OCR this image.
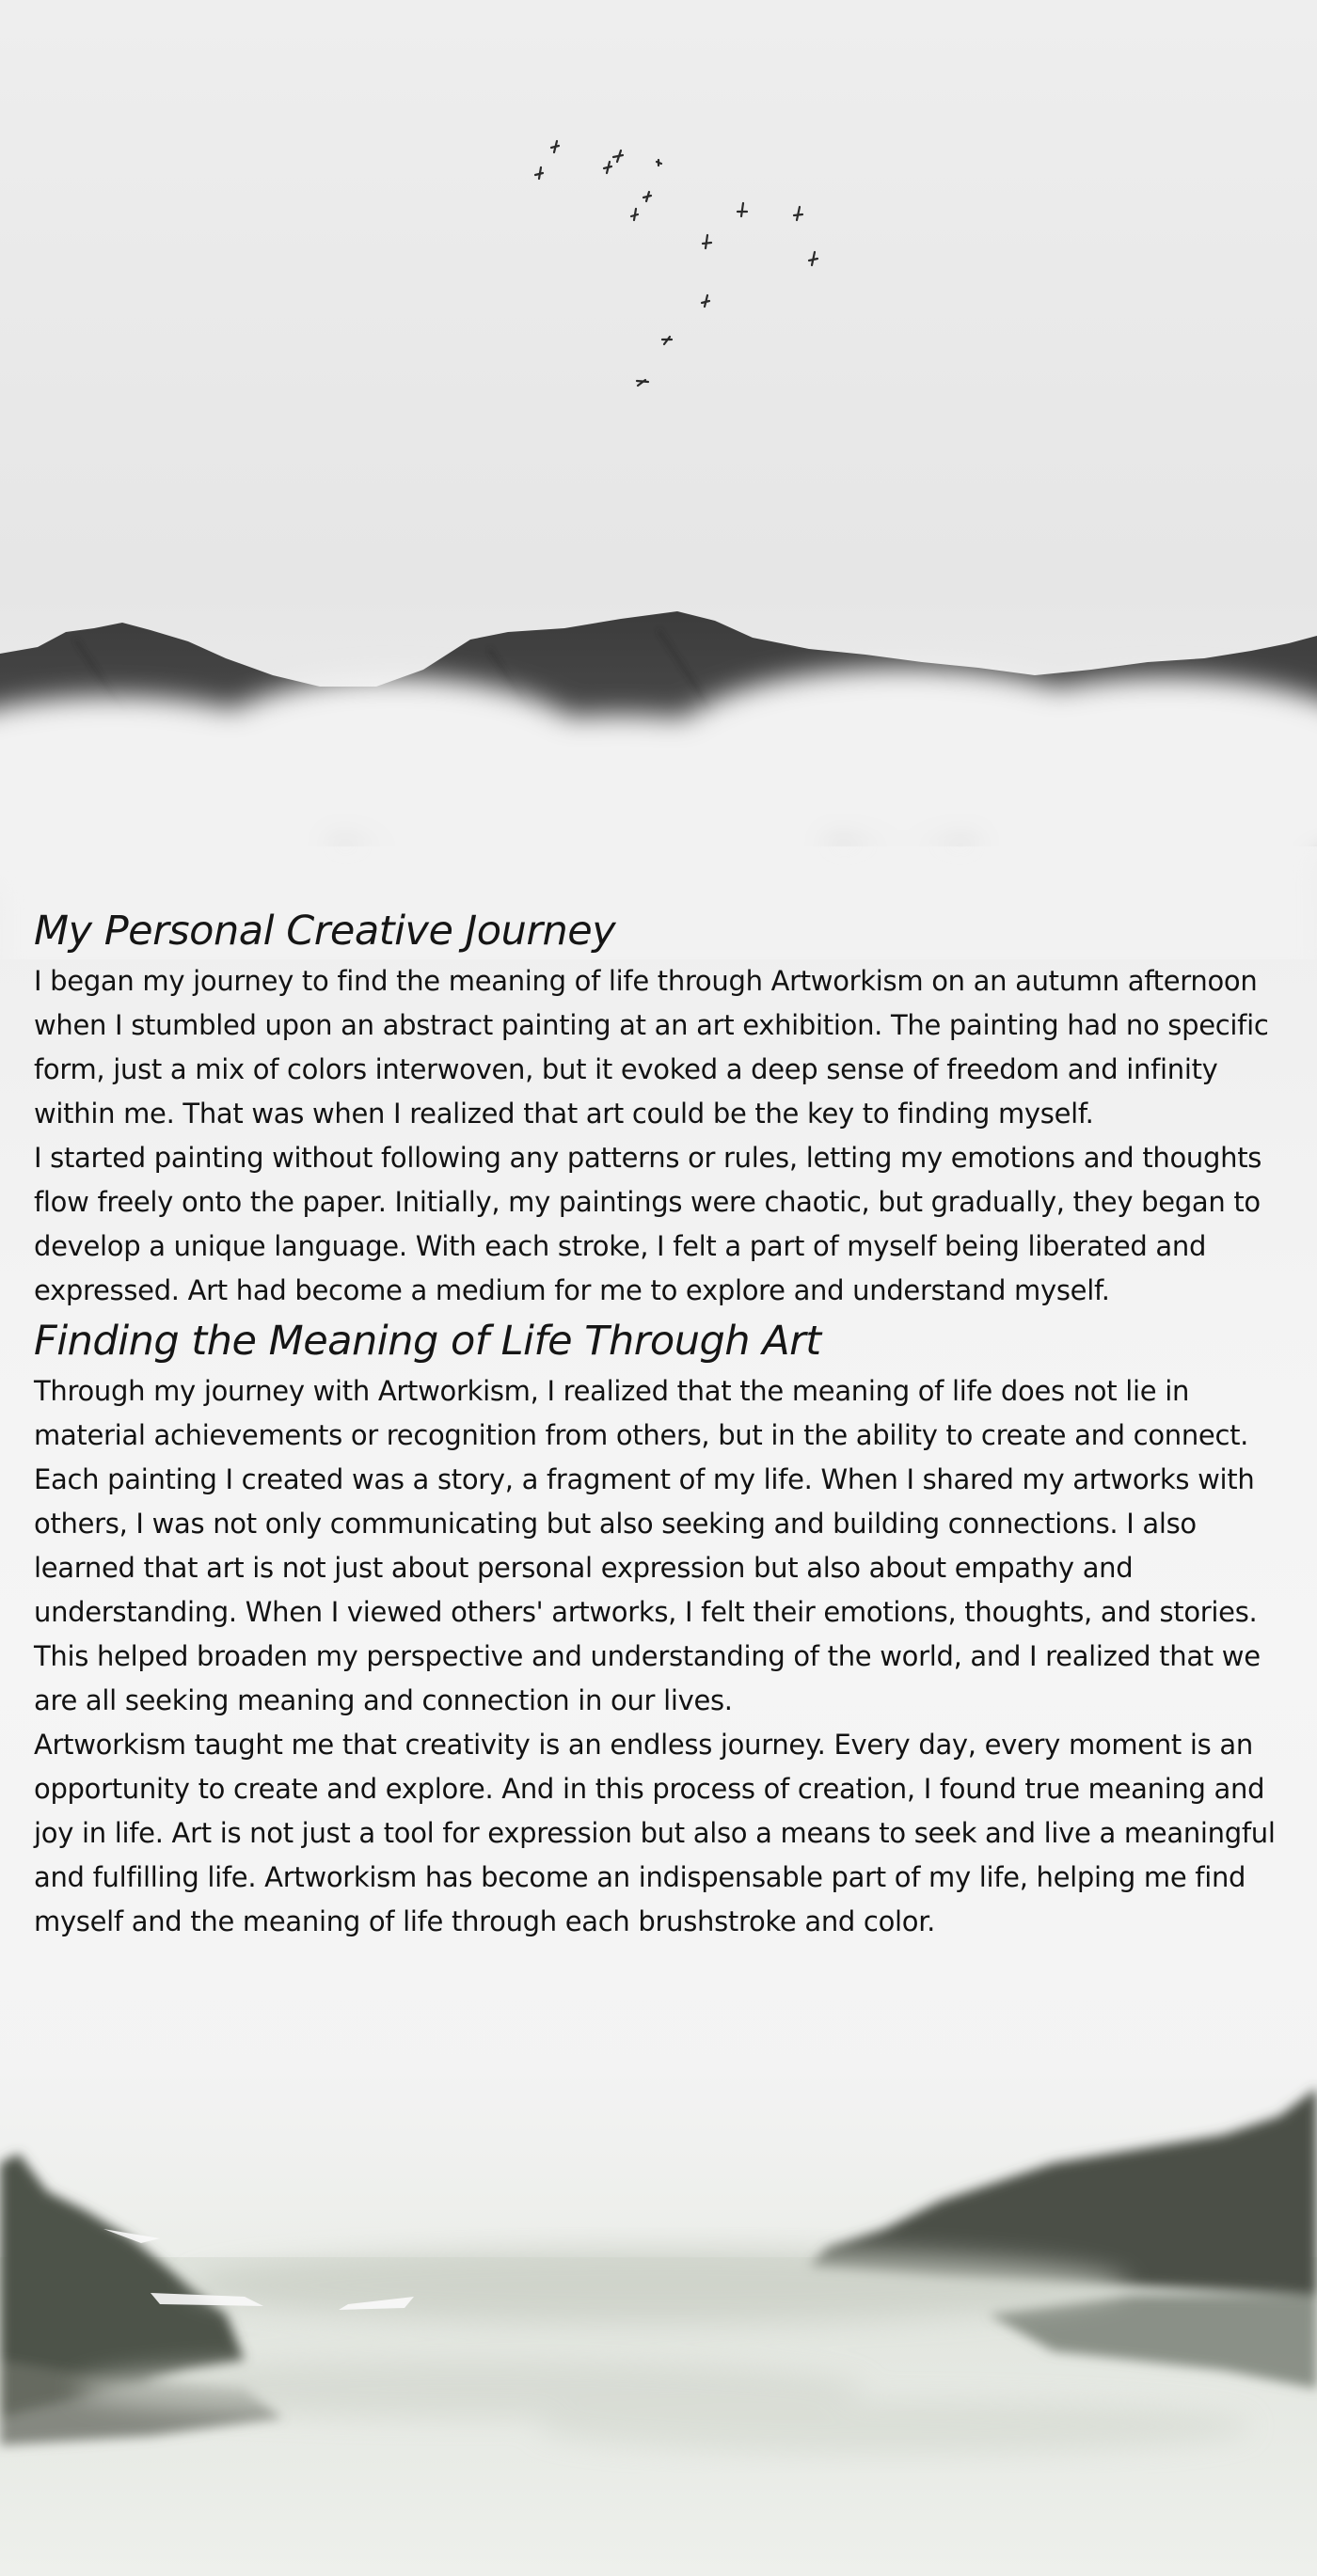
My Personal Creative Journey

I began my journey to find the meaning of life through Artworkism on an autumn afternoon when I stumbled upon an abstract painting at an art exhibition. The painting had no specific form, just a mix of colors interwoven, but it evoked a deep sense of freedom and infinity within me. That was when I realized that art could be the key to finding myself.

I started painting without following any patterns or rules, letting my emotions and thoughts flow freely onto the paper. Initially, my paintings were chaotic, but gradually, they began to develop a unique language. With each stroke, I felt a part of myself being liberated and expressed. Art had become a medium for me to explore and understand myself.

Finding the Meaning of Life Through Art

Through my journey with Artworkism, I realized that the meaning of life does not lie in material achievements or recognition from others, but in the ability to create and connect. Each painting I created was a story, a fragment of my life. When I shared my artworks with others, I was not only communicating but also seeking and building connections. I also learned that art is not just about personal expression but also about empathy and understanding. When I viewed others' artworks, I felt their emotions, thoughts, and stories. This helped broaden my perspective and understanding of the world, and I realized that we are all seeking meaning and connection in our lives.

Artworkism taught me that creativity is an endless journey. Every day, every moment is an opportunity to create and explore. And in this process of creation, I found true meaning and joy in life. Art is not just a tool for expression but also a means to seek and live a meaningful and fulfilling life. Artworkism has become an indispensable part of my life, helping me find myself and the meaning of life through each brushstroke and color.
